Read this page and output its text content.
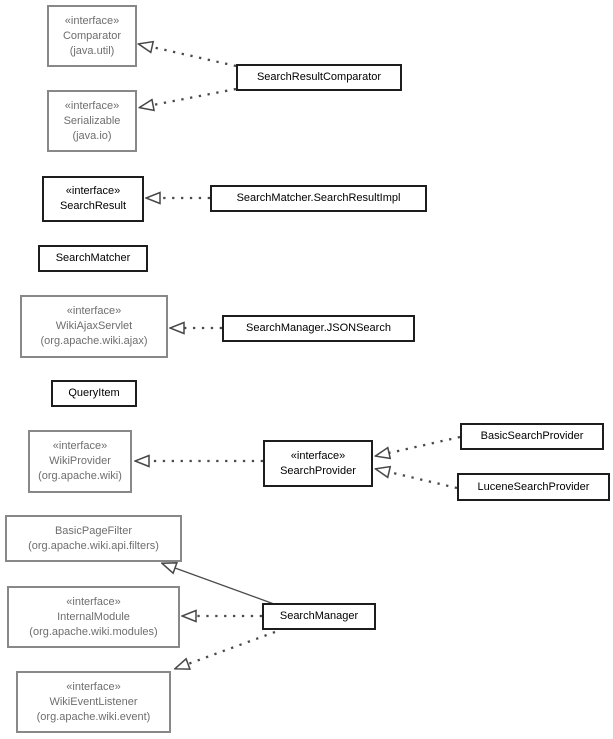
«interface»
Comparator
(java.util)
SearchResultComparator
«interface»
Serializable
(java.io)
«interface»
SearchResult
SearchMatcher.SearchResultImpl
SearchMatcher
«interface»
WikiAjaxServlet
(org.apache.wiki.ajax)
SearchManager.JSONSearch
QueryItem
«interface»
WikiProvider
(org.apache.wiki)
«interface»
SearchProvider
BasicSearchProvider
LuceneSearchProvider
BasicPageFilter
(org.apache.wiki.api.filters)
«interface»
InternalModule
(org.apache.wiki.modules)
SearchManager
«interface»
WikiEventListener
(org.apache.wiki.event)
